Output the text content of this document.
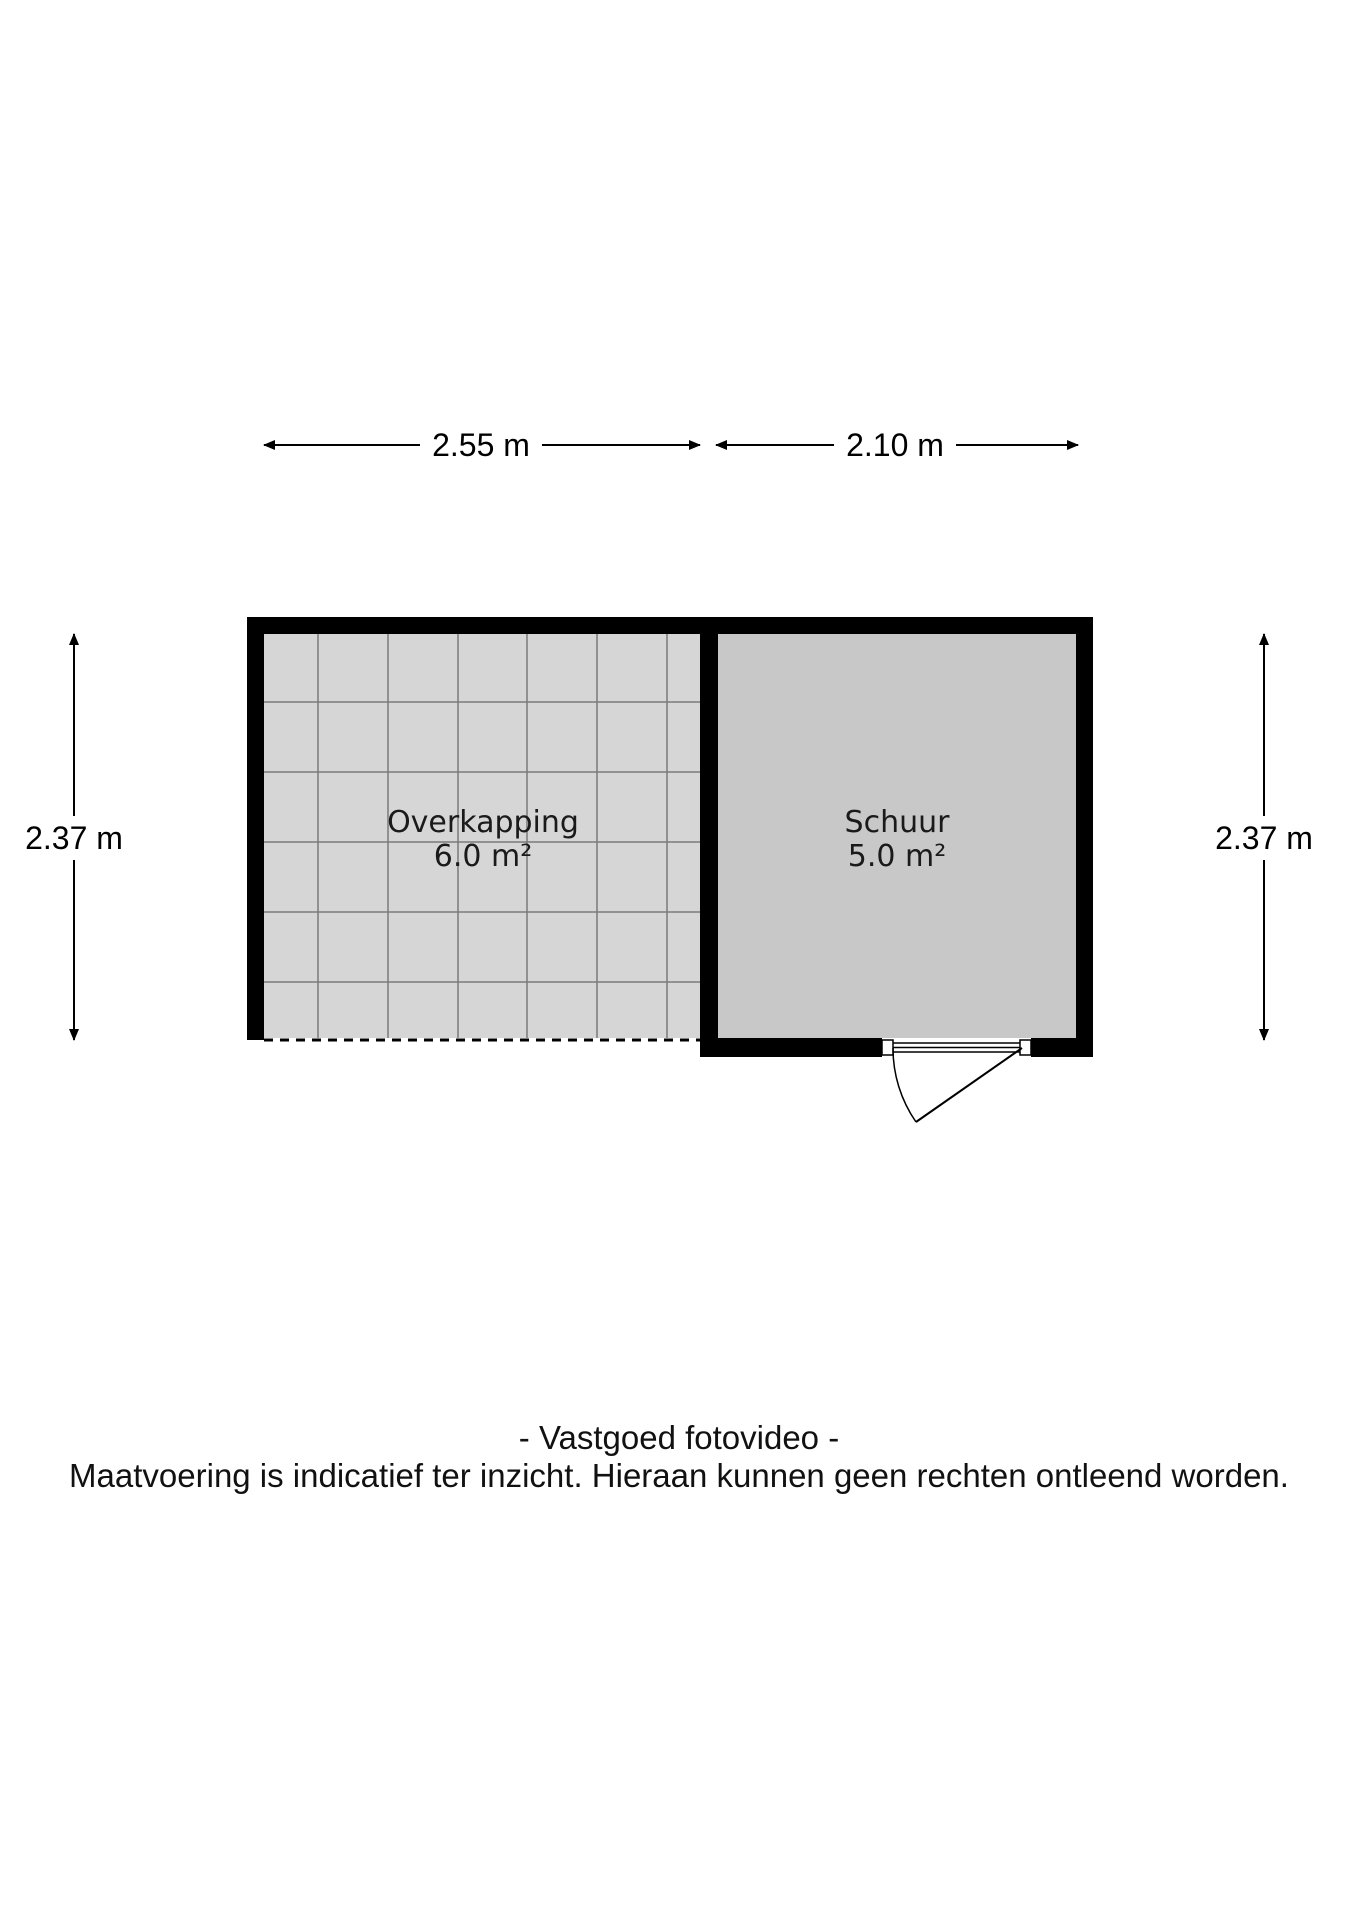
2.55 m	2.10 m
2.37 m	2.37 m
Overkapping
6.0 m²
Schuur
5.0 m²
- Vastgoed fotovideo -
Maatvoering is indicatief ter inzicht. Hieraan kunnen geen rechten ontleend worden.
